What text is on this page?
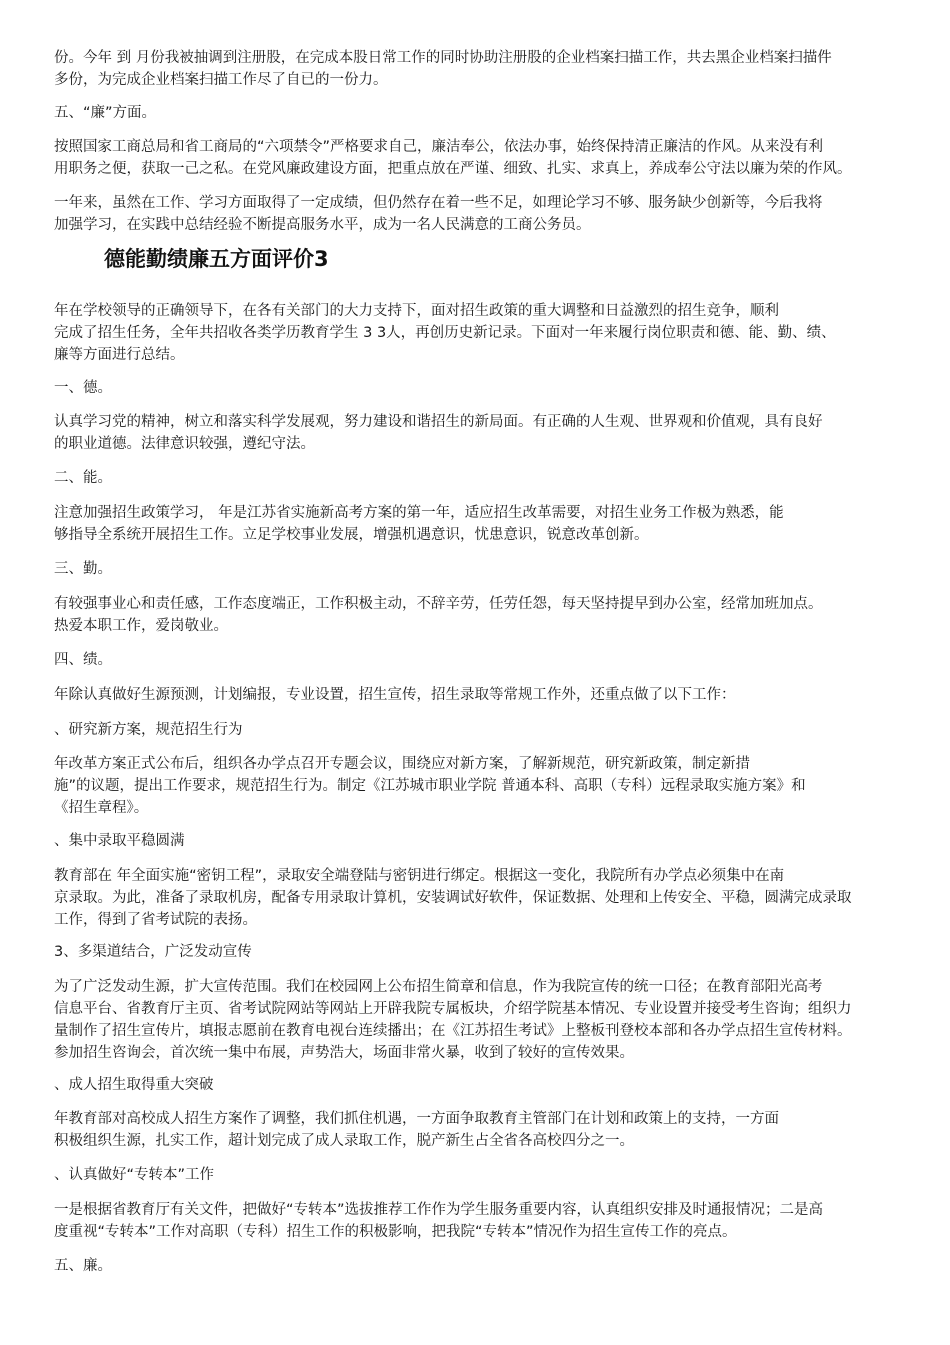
份。今年 到 月份我被抽调到注册股，在完成本股日常工作的同时协助注册股的企业档案扫描工作，共去黑企业档案扫描件
多份，为完成企业档案扫描工作尽了自已的一份力。

五、“廉”方面。

按照国家工商总局和省工商局的“六项禁令”严格要求自己，廉洁奉公，依法办事，始终保持清正廉洁的作风。从来没有利
用职务之便，获取一己之私。在党风廉政建设方面，把重点放在严谨、细致、扎实、求真上，养成奉公守法以廉为荣的作风。

一年来，虽然在工作、学习方面取得了一定成绩，但仍然存在着一些不足，如理论学习不够、服务缺少创新等，今后我将
加强学习，在实践中总结经验不断提高服务水平，成为一名人民满意的工商公务员。

德能勤绩廉五方面评价3

年在学校领导的正确领导下，在各有关部门的大力支持下，面对招生政策的重大调整和日益激烈的招生竞争，顺利
完成了招生任务，全年共招收各类学历教育学生 3 3人，再创历史新记录。下面对一年来履行岗位职责和德、能、勤、绩、
廉等方面进行总结。

一、德。

认真学习党的精神，树立和落实科学发展观，努力建设和谐招生的新局面。有正确的人生观、世界观和价值观，具有良好
的职业道德。法律意识较强，遵纪守法。

二、能。

注意加强招生政策学习， 年是江苏省实施新高考方案的第一年，适应招生改革需要，对招生业务工作极为熟悉，能
够指导全系统开展招生工作。立足学校事业发展，增强机遇意识，忧患意识，锐意改革创新。

三、勤。

有较强事业心和责任感，工作态度端正，工作积极主动，不辞辛劳，任劳任怨，每天坚持提早到办公室，经常加班加点。
热爱本职工作，爱岗敬业。

四、绩。

年除认真做好生源预测，计划编报，专业设置，招生宣传，招生录取等常规工作外，还重点做了以下工作：

、研究新方案，规范招生行为

年改革方案正式公布后，组织各办学点召开专题会议，围绕应对新方案，了解新规范，研究新政策，制定新措
施”的议题，提出工作要求，规范招生行为。制定《江苏城市职业学院 普通本科、高职（专科）远程录取实施方案》和
《招生章程》。

、集中录取平稳圆满

教育部在 年全面实施“密钥工程”，录取安全端登陆与密钥进行绑定。根据这一变化，我院所有办学点必须集中在南
京录取。为此，准备了录取机房，配备专用录取计算机，安装调试好软件，保证数据、处理和上传安全、平稳，圆满完成录取
工作，得到了省考试院的表扬。

3、多渠道结合，广泛发动宣传

为了广泛发动生源，扩大宣传范围。我们在校园网上公布招生简章和信息，作为我院宣传的统一口径；在教育部阳光高考
信息平台、省教育厅主页、省考试院网站等网站上开辟我院专属板块，介绍学院基本情况、专业设置并接受考生咨询；组织力
量制作了招生宣传片，填报志愿前在教育电视台连续播出；在《江苏招生考试》上整板刊登校本部和各办学点招生宣传材料。
参加招生咨询会，首次统一集中布展，声势浩大，场面非常火暴，收到了较好的宣传效果。

、成人招生取得重大突破

年教育部对高校成人招生方案作了调整，我们抓住机遇，一方面争取教育主管部门在计划和政策上的支持，一方面
积极组织生源，扎实工作，超计划完成了成人录取工作，脱产新生占全省各高校四分之一。

、认真做好“专转本”工作

一是根据省教育厅有关文件，把做好“专转本”选拔推荐工作作为学生服务重要内容，认真组织安排及时通报情况；二是高
度重视“专转本”工作对高职（专科）招生工作的积极影响，把我院“专转本”情况作为招生宣传工作的亮点。

五、廉。
